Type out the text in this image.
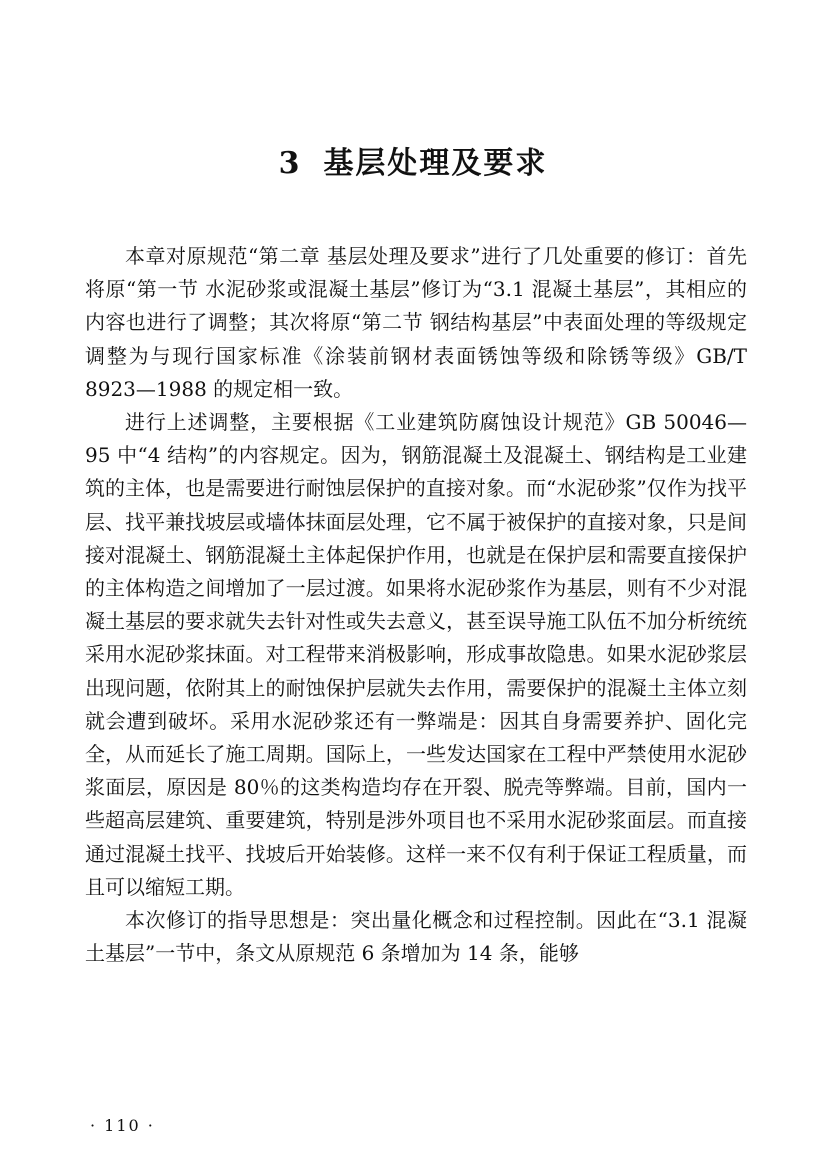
3 基层处理及要求

本章对原规范“第二章 基层处理及要求”进行了几处重要的修订：首先将原“第一节 水泥砂浆或混凝土基层”修订为“3.1 混凝土基层”，其相应的内容也进行了调整；其次将原“第二节 钢结构基层”中表面处理的等级规定调整为与现行国家标准《涂装前钢材表面锈蚀等级和除锈等级》GB/T 8923—1988 的规定相一致。

进行上述调整，主要根据《工业建筑防腐蚀设计规范》GB 50046—95 中“4 结构”的内容规定。因为，钢筋混凝土及混凝土、钢结构是工业建筑的主体，也是需要进行耐蚀层保护的直接对象。而“水泥砂浆”仅作为找平层、找平兼找坡层或墙体抹面层处理，它不属于被保护的直接对象，只是间接对混凝土、钢筋混凝土主体起保护作用，也就是在保护层和需要直接保护的主体构造之间增加了一层过渡。如果将水泥砂浆作为基层，则有不少对混凝土基层的要求就失去针对性或失去意义，甚至误导施工队伍不加分析统统采用水泥砂浆抹面。对工程带来消极影响，形成事故隐患。如果水泥砂浆层出现问题，依附其上的耐蚀保护层就失去作用，需要保护的混凝土主体立刻就会遭到破坏。采用水泥砂浆还有一弊端是：因其自身需要养护、固化完全，从而延长了施工周期。国际上，一些发达国家在工程中严禁使用水泥砂浆面层，原因是 80％的这类构造均存在开裂、脱壳等弊端。目前，国内一些超高层建筑、重要建筑，特别是涉外项目也不采用水泥砂浆面层。而直接通过混凝土找平、找坡后开始装修。这样一来不仅有利于保证工程质量，而且可以缩短工期。

本次修订的指导思想是：突出量化概念和过程控制。因此在“3.1 混凝土基层”一节中，条文从原规范 6 条增加为 14 条，能够

· 110 ·
